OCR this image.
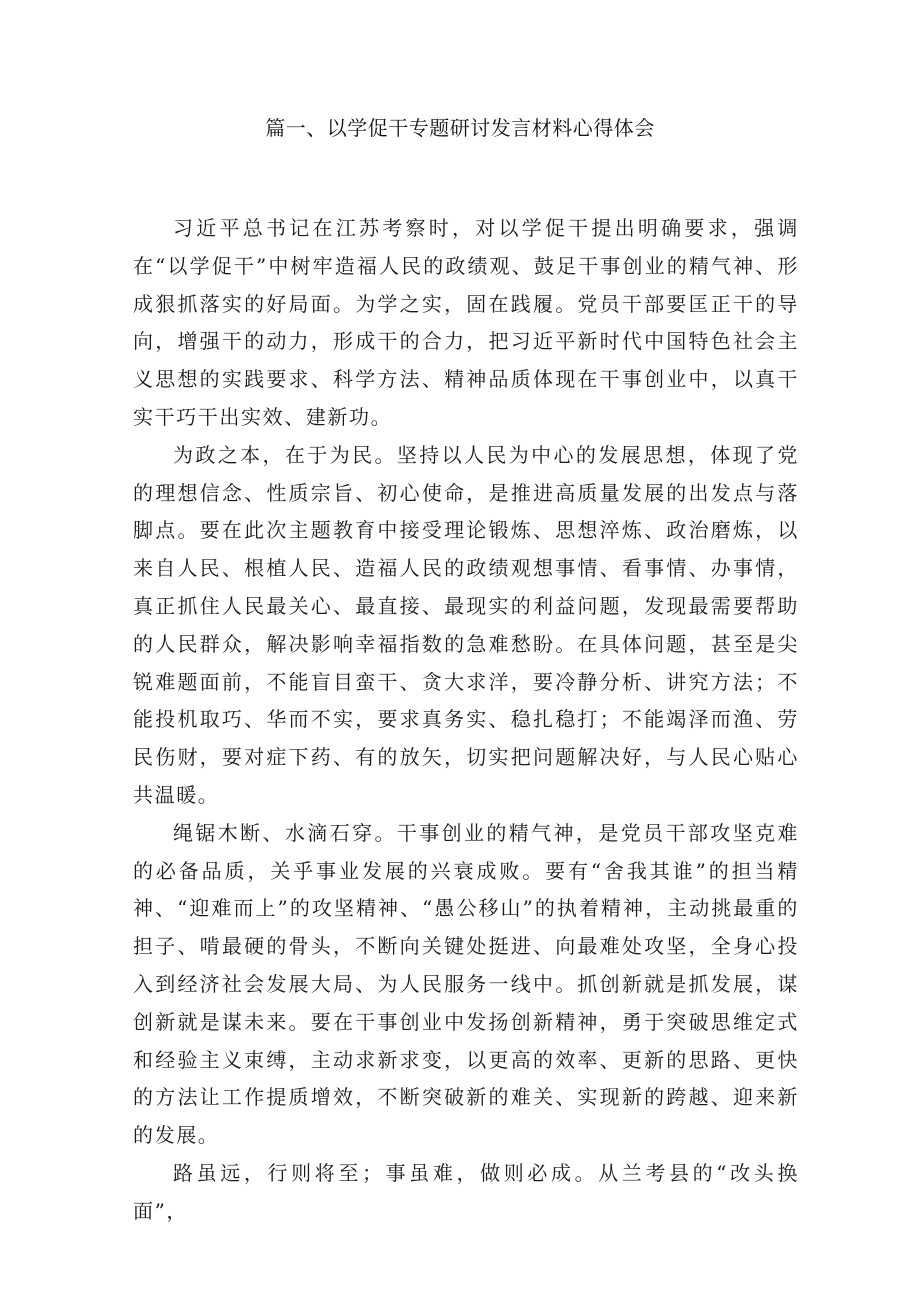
篇一、以学促干专题研讨发言材料心得体会

习近平总书记在江苏考察时，对以学促干提出明确要求，强调在“以学促干”中树牢造福人民的政绩观、鼓足干事创业的精气神、形成狠抓落实的好局面。为学之实，固在践履。党员干部要匡正干的导向，增强干的动力，形成干的合力，把习近平新时代中国特色社会主义思想的实践要求、科学方法、精神品质体现在干事创业中，以真干实干巧干出实效、建新功。

为政之本，在于为民。坚持以人民为中心的发展思想，体现了党的理想信念、性质宗旨、初心使命，是推进高质量发展的出发点与落脚点。要在此次主题教育中接受理论锻炼、思想淬炼、政治磨炼，以来自人民、根植人民、造福人民的政绩观想事情、看事情、办事情，真正抓住人民最关心、最直接、最现实的利益问题，发现最需要帮助的人民群众，解决影响幸福指数的急难愁盼。在具体问题，甚至是尖锐难题面前，不能盲目蛮干、贪大求洋，要冷静分析、讲究方法；不能投机取巧、华而不实，要求真务实、稳扎稳打；不能竭泽而渔、劳民伤财，要对症下药、有的放矢，切实把问题解决好，与人民心贴心共温暖。

绳锯木断、水滴石穿。干事创业的精气神，是党员干部攻坚克难的必备品质，关乎事业发展的兴衰成败。要有“舍我其谁”的担当精神、“迎难而上”的攻坚精神、“愚公移山”的执着精神，主动挑最重的担子、啃最硬的骨头，不断向关键处挺进、向最难处攻坚，全身心投入到经济社会发展大局、为人民服务一线中。抓创新就是抓发展，谋创新就是谋未来。要在干事创业中发扬创新精神，勇于突破思维定式和经验主义束缚，主动求新求变，以更高的效率、更新的思路、更快的方法让工作提质增效，不断突破新的难关、实现新的跨越、迎来新的发展。

路虽远，行则将至；事虽难，做则必成。从兰考县的“改头换面”，
